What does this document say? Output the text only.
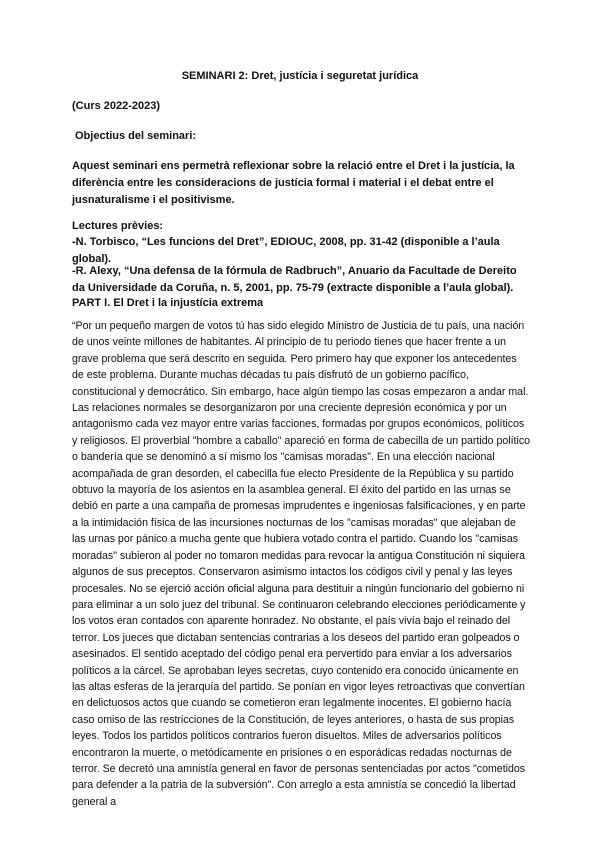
SEMINARI 2: Dret, justícia i seguretat jurídica
(Curs 2022-2023)
Objectius del seminari:
Aquest seminari ens permetrà reflexionar sobre la relació entre el Dret i la justícia, la diferència entre les consideracions de justícia formal i material i el debat entre el jusnaturalisme i el positivisme.
Lectures prèvies:
-N. Torbisco, “Les funcions del Dret”, EDIOUC, 2008, pp. 31-42 (disponible a l’aula global).
-R. Alexy, “Una defensa de la fórmula de Radbruch”, Anuario da Facultade de Dereito da Universidade da Coruña, n. 5, 2001, pp. 75-79 (extracte disponible a l’aula global).
PART I. El Dret i la injustícia extrema

“Por un pequeño margen de votos tú has sido elegido Ministro de Justicia de tu país, una nación de unos veinte millones de habitantes. Al principio de tu periodo tienes que hacer frente a un grave problema que será descrito en seguida. Pero primero hay que exponer los antecedentes de este problema. Durante muchas décadas tu país disfrutó de un gobierno pacífico, constitucional y democrático. Sin embargo, hace algún tiempo las cosas empezaron a andar mal. Las relaciones normales se desorganizaron por una creciente depresión económica y por un antagonismo cada vez mayor entre varias facciones, formadas por grupos económicos, políticos y religiosos. El proverbial "hombre a caballo" apareció en forma de cabecilla de un partido político o bandería que se denominó a sí mismo los "camisas moradas". En una elección nacional acompañada de gran desorden, el cabecilla fue electo Presidente de la República y su partido obtuvo la mayoría de los asientos en la asamblea general. El éxito del partido en las urnas se debió en parte a una campaña de promesas imprudentes e ingeniosas falsificaciones, y en parte a la intimidación física de las incursiones nocturnas de los "camisas moradas" que alejaban de las urnas por pánico a mucha gente que hubiera votado contra el partido. Cuando los "camisas moradas" subieron al poder no tomaron medidas para revocar la antigua Constitución ni siquiera algunos de sus preceptos. Conservaron asimismo intactos los códigos civil y penal y las leyes procesales. No se ejerció acción oficial alguna para destituir a ningún funcionario del gobierno ni para eliminar a un solo juez del tribunal. Se continuaron celebrando elecciones periódicamente y los votos eran contados con aparente honradez. No obstante, el país vivía bajo el reinado del terror. Los jueces que dictaban sentencias contrarias a los deseos del partido eran golpeados o asesinados. El sentido aceptado del código penal era pervertido para enviar a los adversarios políticos a la cárcel. Se aprobaban leyes secretas, cuyo contenido era conocido únicamente en las altas esferas de la jerarquía del partido. Se ponían en vigor leyes retroactivas que convertían en delictuosos actos que cuando se cometieron eran legalmente inocentes. El gobierno hacía caso omiso de las restricciones de la Constitución, de leyes anteriores, o hasta de sus propias leyes. Todos los partidos políticos contrarios fueron disueltos. Miles de adversarios políticos encontraron la muerte, o metódicamente en prisiones o en esporádicas redadas nocturnas de terror. Se decretó una amnistía general en favor de personas sentenciadas por actos "cometidos para defender a la patria de la subversión". Con arreglo a esta amnistía se concedió la libertad general a
